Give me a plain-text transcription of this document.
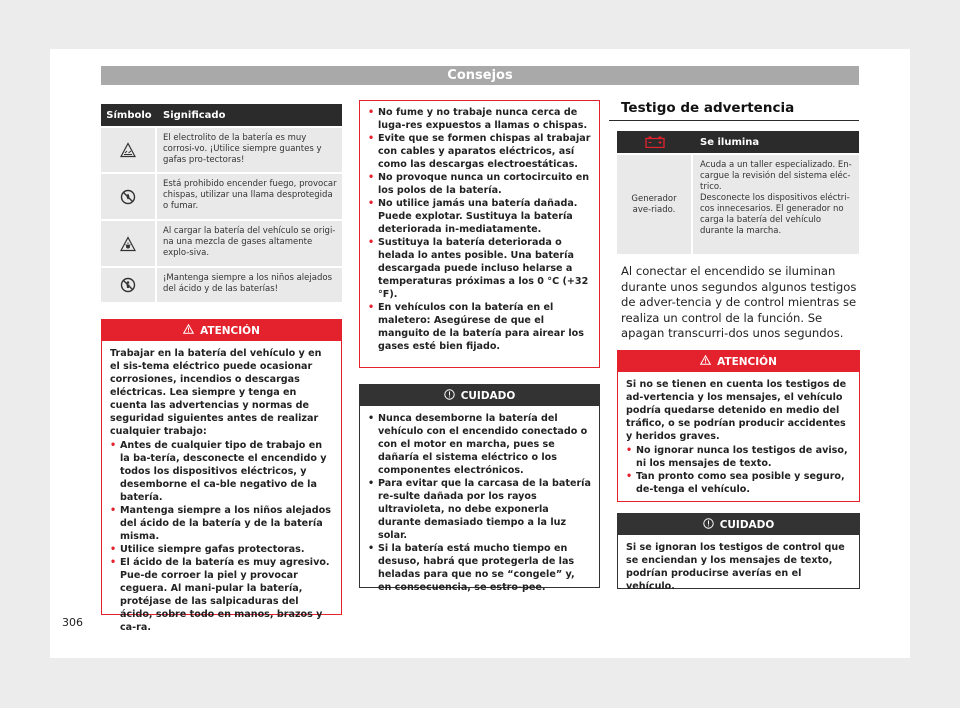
Consejos
Símbolo	Significado
El electrolito de la batería es muy corrosi-vo. ¡Utilice siempre guantes y gafas pro-tectoras!
Está prohibido encender fuego, provocar chispas, utilizar una llama desprotegida o fumar.
Al cargar la batería del vehículo se origi-na una mezcla de gases altamente explo-siva.
¡Mantenga siempre a los niños alejados del ácido y de las baterías!
ATENCIÓN

Trabajar en la batería del vehículo y en el sis-tema eléctrico puede ocasionar corrosiones, incendios o descargas eléctricas. Lea siempre y tenga en cuenta las advertencias y normas de seguridad siguientes antes de realizar cualquier trabajo:

• Antes de cualquier tipo de trabajo en la ba-tería, desconecte el encendido y todos los dispositivos eléctricos, y desemborne el ca-ble negativo de la batería.
• Mantenga siempre a los niños alejados del ácido de la batería y de la batería misma.
• Utilice siempre gafas protectoras.
• El ácido de la batería es muy agresivo. Pue-de corroer la piel y provocar ceguera. Al mani-pular la batería, protéjase de las salpicaduras del ácido, sobre todo en manos, brazos y ca-ra.
• No fume y no trabaje nunca cerca de luga-res expuestos a llamas o chispas.
• Evite que se formen chispas al trabajar con cables y aparatos eléctricos, así como las descargas electroestáticas.
• No provoque nunca un cortocircuito en los polos de la batería.
• No utilice jamás una batería dañada. Puede explotar. Sustituya la batería deteriorada in-mediatamente.
• Sustituya la batería deteriorada o helada lo antes posible. Una batería descargada puede incluso helarse a temperaturas próximas a los 0 °C (+32 °F).
• En vehículos con la batería en el maletero: Asegúrese de que el manguito de la batería para airear los gases esté bien fijado.
CUIDADO
• Nunca desemborne la batería del vehículo con el encendido conectado o con el motor en marcha, pues se dañaría el sistema eléctrico o los componentes electrónicos.
• Para evitar que la carcasa de la batería re-sulte dañada por los rayos ultravioleta, no debe exponerla durante demasiado tiempo a la luz solar.
• Si la batería está mucho tiempo en desuso, habrá que protegerla de las heladas para que no se “congele” y, en consecuencia, se estro-pee.
Testigo de advertencia
Se ilumina
Generador ave-riado.
Acuda a un taller especializado. En-cargue la revisión del sistema eléc-trico.
Desconecte los dispositivos eléctri-cos innecesarios. El generador no carga la batería del vehículo durante la marcha.
Al conectar el encendido se iluminan durante unos segundos algunos testigos de adver-tencia y de control mientras se realiza un control de la función. Se apagan transcurri-dos unos segundos.
ATENCIÓN

Si no se tienen en cuenta los testigos de ad-vertencia y los mensajes, el vehículo podría quedarse detenido en medio del tráfico, o se podrían producir accidentes y heridos graves.

• No ignorar nunca los testigos de aviso, ni los mensajes de texto.
• Tan pronto como sea posible y seguro, de-tenga el vehículo.
CUIDADO

Si se ignoran los testigos de control que se enciendan y los mensajes de texto, podrían producirse averías en el vehículo.

306
